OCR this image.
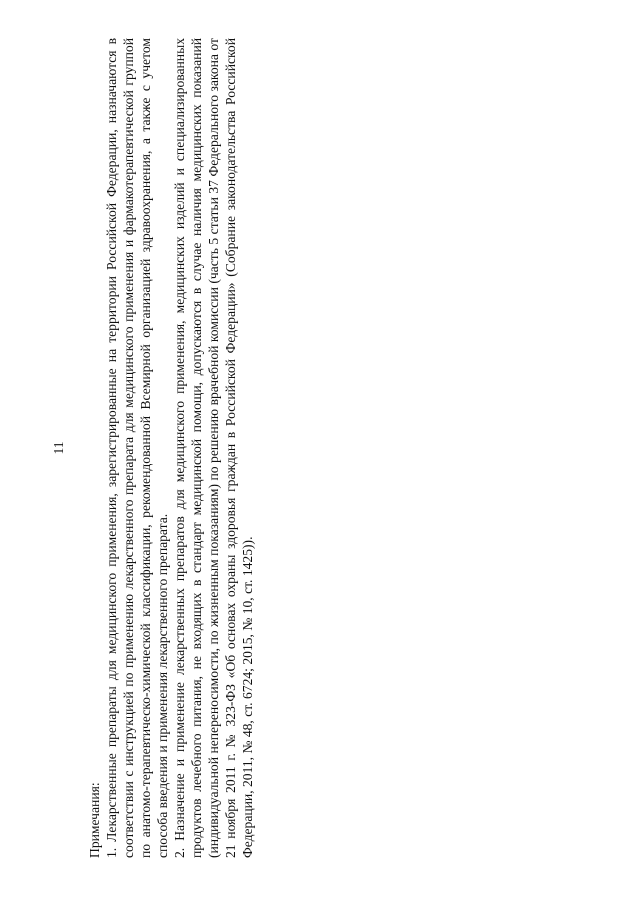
11

Примечания: 1. Лекарственные препараты для медицинского применения, зарегистрированные на территории Российской Федерации, назначаются в соответствии с инструкцией по применению лекарственного препарата для медицинского применения и фармакотерапевтической группой по анатомо-терапевтическо-химической классификации, рекомендованной Всемирной организацией здравоохранения, а также с учетом способа введения и применения лекарственного препарата. 2. Назначение и применение лекарственных препаратов для медицинского применения, медицинских изделий и специализированных продуктов лечебного питания, не входящих в стандарт медицинской помощи, допускаются в случае наличия медицинских показаний (индивидуальной непереносимости, по жизненным показаниям) по решению врачебной комиссии (часть 5 статьи 37 Федерального закона от 21 ноября 2011 г. № 323-ФЗ «Об основах охраны здоровья граждан в Российской Федерации» (Собрание законодательства Российской Федерации, 2011, № 48, ст. 6724; 2015, № 10, ст. 1425)).
